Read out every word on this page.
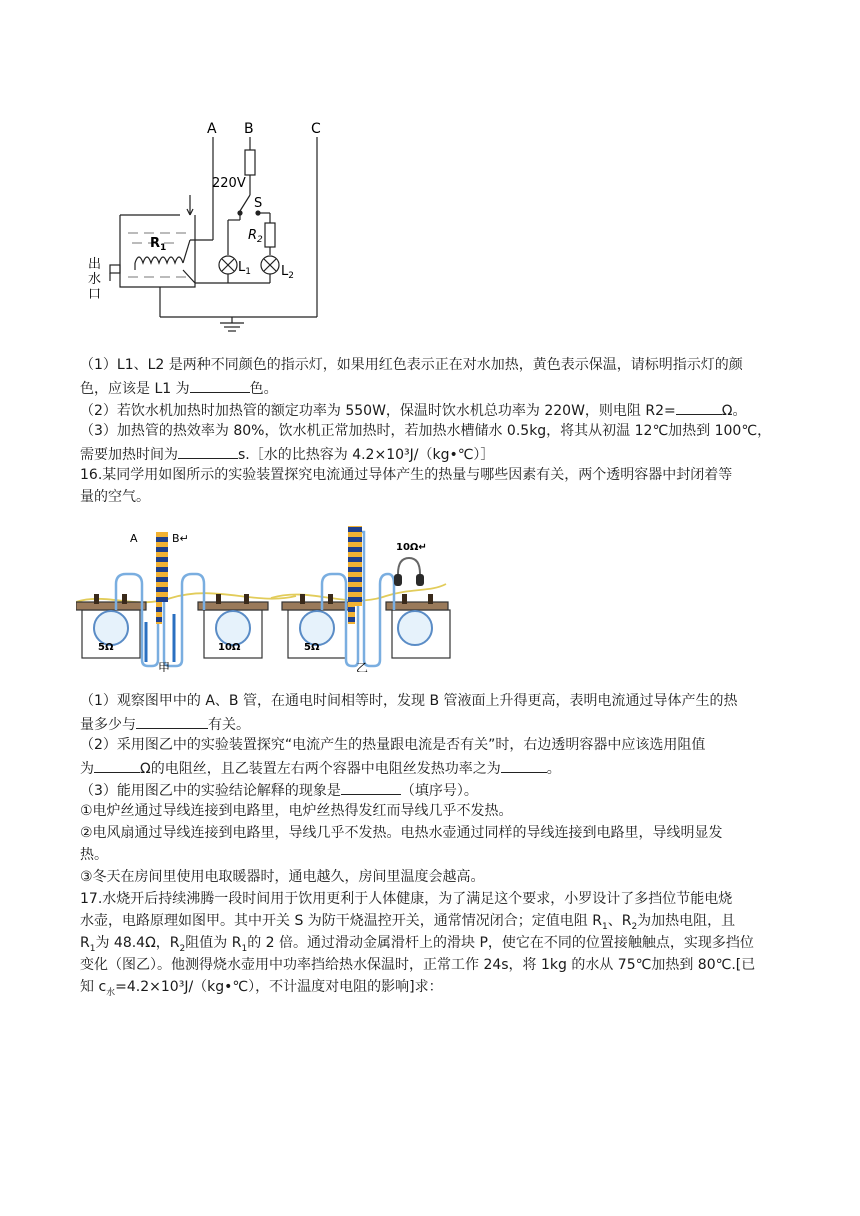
A B	C
220V
S
$R_1$
$R_2$
$L_1$ $L_2$
出
水
口
（1）L1、L2 是两种不同颜色的指示灯，如果用红色表示正在对水加热，黄色表示保温，请标明指示灯的颜
色，应该是 L1 为	色。
（2）若饮水机加热时加热管的额定功率为 550W，保温时饮水机总功率为 220W，则电阻 R2=	Ω。
（3）加热管的热效率为 80%，饮水机正常加热时，若加热水槽储水 0.5kg，将其从初温 12℃加热到 100℃，
需要加热时间为	s.［水的比热容为 4.2×10³J/（kg•℃）］
16.某同学用如图所示的实验装置探究电流通过导体产生的热量与哪些因素有关，两个透明容器中封闭着等
量的空气。
A	B↵
5Ω	10Ω
甲
5Ω
10Ω↵
乙
（1）观察图甲中的 A、B 管，在通电时间相等时，发现 B 管液面上升得更高，表明电流通过导体产生的热
量多少与	有关。
（2）采用图乙中的实验装置探究“电流产生的热量跟电流是否有关”时，右边透明容器中应该选用阻值
为	Ω的电阻丝，且乙装置左右两个容器中电阻丝发热功率之为	。
（3）能用图乙中的实验结论解释的现象是	（填序号）。
①电炉丝通过导线连接到电路里，电炉丝热得发红而导线几乎不发热。
②电风扇通过导线连接到电路里，导线几乎不发热。电热水壶通过同样的导线连接到电路里，导线明显发
热。
③冬天在房间里使用电取暖器时，通电越久，房间里温度会越高。
17.水烧开后持续沸腾一段时间用于饮用更利于人体健康，为了满足这个要求，小罗设计了多挡位节能电烧
水壶，电路原理如图甲。其中开关 S 为防干烧温控开关，通常情况闭合；定值电阻 $R_1$、$R_2$为加热电阻，且
$R_1$为 48.4Ω，$R_2$阻值为 $R_1$的 2 倍。通过滑动金属滑杆上的滑块 P，使它在不同的位置接触触点，实现多挡位
变化（图乙）。他测得烧水壶用中功率挡给热水保温时，正常工作 24s，将 1kg 的水从 75℃加热到 80℃.[已
知 $c_水=4.2\times 10^3J/(kg•℃)$，不计温度对电阻的影响]求：
